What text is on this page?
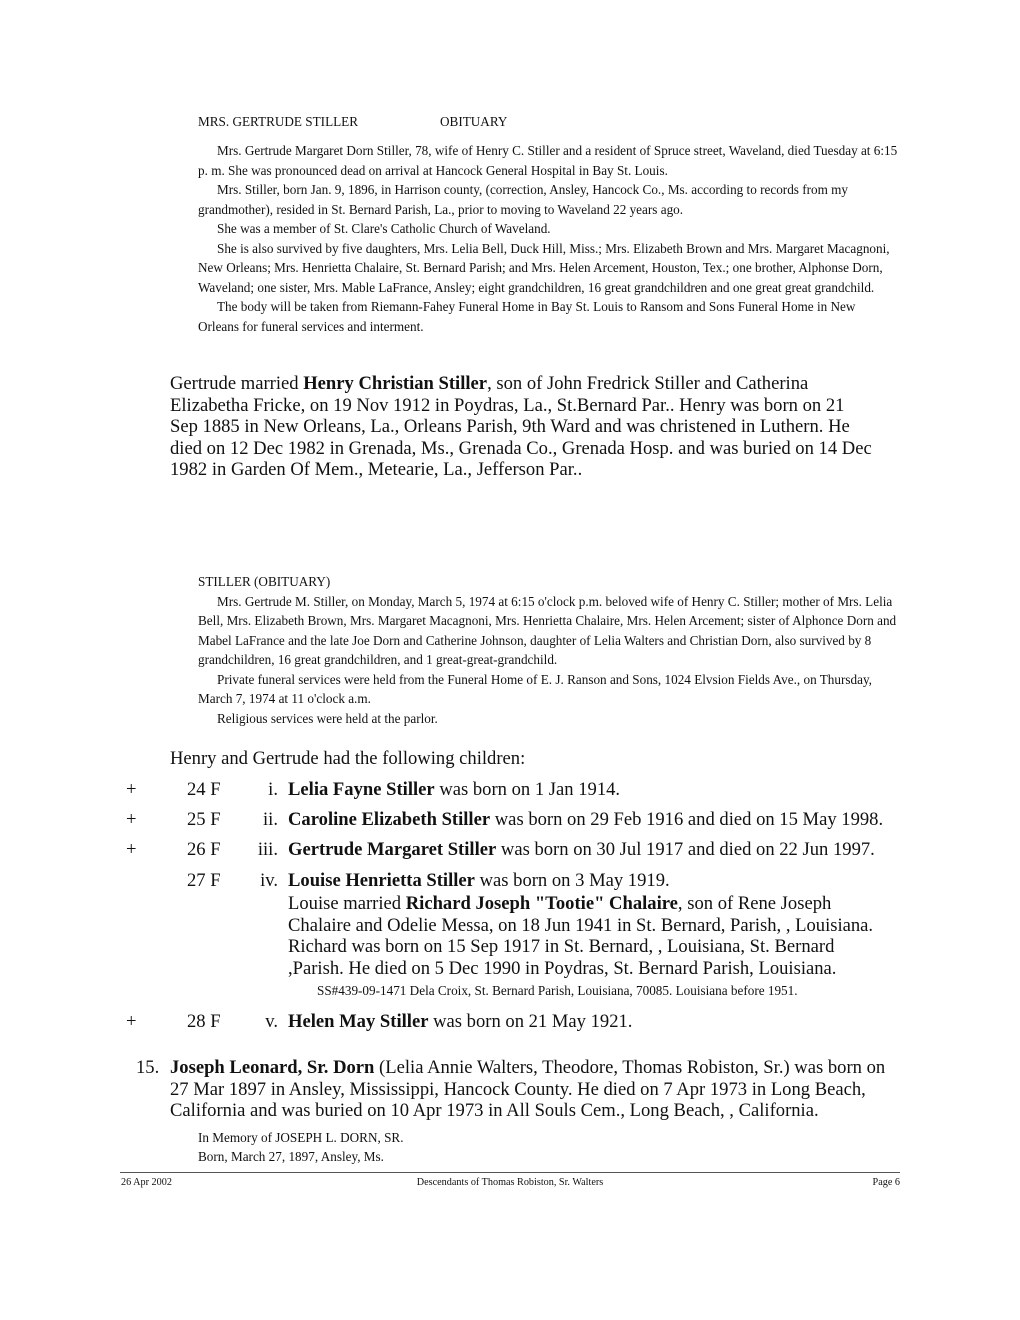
MRS. GERTRUDE STILLER	OBITUARY

Mrs. Gertrude Margaret Dorn Stiller, 78, wife of Henry C. Stiller and a resident of Spruce street, Waveland, died Tuesday at 6:15 p. m. She was pronounced dead on arrival at Hancock General Hospital in Bay St. Louis.

Mrs. Stiller, born Jan. 9, 1896, in Harrison county, (correction, Ansley, Hancock Co., Ms. according to records from my grandmother), resided in St. Bernard Parish, La., prior to moving to Waveland 22 years ago.

She was a member of St. Clare's Catholic Church of Waveland.

She is also survived by five daughters, Mrs. Lelia Bell, Duck Hill, Miss.; Mrs. Elizabeth Brown and Mrs. Margaret Macagnoni, New Orleans; Mrs. Henrietta Chalaire, St. Bernard Parish; and Mrs. Helen Arcement, Houston, Tex.; one brother, Alphonse Dorn, Waveland; one sister, Mrs. Mable LaFrance, Ansley; eight grandchildren, 16 great grandchildren and one great great grandchild.

The body will be taken from Riemann-Fahey Funeral Home in Bay St. Louis to Ransom and Sons Funeral Home in New Orleans for funeral services and interment.

Gertrude married Henry Christian Stiller, son of John Fredrick Stiller and Catherina Elizabetha Fricke, on 19 Nov 1912 in Poydras, La., St.Bernard Par.. Henry was born on 21 Sep 1885 in New Orleans, La., Orleans Parish, 9th Ward and was christened in Luthern. He died on 12 Dec 1982 in Grenada, Ms., Grenada Co., Grenada Hosp. and was buried on 14 Dec 1982 in Garden Of Mem., Metearie, La., Jefferson Par..

STILLER (OBITUARY)

Mrs. Gertrude M. Stiller, on Monday, March 5, 1974 at 6:15 o'clock p.m. beloved wife of Henry C. Stiller; mother of Mrs. Lelia Bell, Mrs. Elizabeth Brown, Mrs. Margaret Macagnoni, Mrs. Henrietta Chalaire, Mrs. Helen Arcement; sister of Alphonce Dorn and Mabel LaFrance and the late Joe Dorn and Catherine Johnson, daughter of Lelia Walters and Christian Dorn, also survived by 8 grandchildren, 16 great grandchildren, and 1 great-great-grandchild.

Private funeral services were held from the Funeral Home of E. J. Ranson and Sons, 1024 Elvsion Fields Ave., on Thursday, March 7, 1974 at 11 o'clock a.m.

Religious services were held at the parlor.

Henry and Gertrude had the following children:
+	24 F	i. Lelia Fayne Stiller was born on 1 Jan 1914.
+	25 F	ii. Caroline Elizabeth Stiller was born on 29 Feb 1916 and died on 15 May 1998.
+	26 F	iii. Gertrude Margaret Stiller was born on 30 Jul 1917 and died on 22 Jun 1997.
27 F	iv. Louise Henrietta Stiller was born on 3 May 1919.
Louise married Richard Joseph "Tootie" Chalaire, son of Rene Joseph Chalaire and Odelie Messa, on 18 Jun 1941 in St. Bernard, Parish, , Louisiana. Richard was born on 15 Sep 1917 in St. Bernard, , Louisiana, St. Bernard ,Parish. He died on 5 Dec 1990 in Poydras, St. Bernard Parish, Louisiana.
SS#439-09-1471 Dela Croix, St. Bernard Parish, Louisiana, 70085. Louisiana before 1951.
+	28 F	v. Helen May Stiller was born on 21 May 1921.
15. Joseph Leonard, Sr. Dorn (Lelia Annie Walters, Theodore, Thomas Robiston, Sr.) was born on 27 Mar 1897 in Ansley, Mississippi, Hancock County. He died on 7 Apr 1973 in Long Beach, California and was buried on 10 Apr 1973 in All Souls Cem., Long Beach, , California.
In Memory of JOSEPH L. DORN, SR.
Born, March 27, 1897, Ansley, Ms.
26 Apr 2002	Descendants of Thomas Robiston, Sr. Walters	Page 6
